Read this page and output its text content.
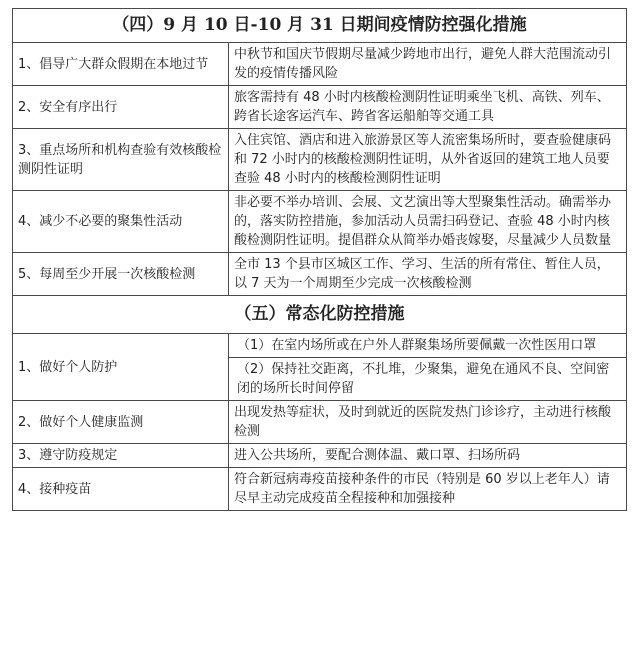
（四）9 月 10 日-10 月 31 日期间疫情防控强化措施	
1、倡导广大群众假期在本地过节	中秋节和国庆节假期尽量减少跨地市出行，避免人群大范围流动引发的疫情传播风险
2、安全有序出行	旅客需持有 48 小时内核酸检测阴性证明乘坐飞机、高铁、列车、跨省长途客运汽车、跨省客运船舶等交通工具
3、重点场所和机构查验有效核酸检测阴性证明	入住宾馆、酒店和进入旅游景区等人流密集场所时，要查验健康码和 72 小时内的核酸检测阴性证明，从外省返回的建筑工地人员要查验 48 小时内的核酸检测阴性证明
4、减少不必要的聚集性活动	非必要不举办培训、会展、文艺演出等大型聚集性活动。确需举办的，落实防控措施，参加活动人员需扫码登记、查验 48 小时内核酸检测阴性证明。提倡群众从简举办婚丧嫁娶，尽量减少人员数量
5、每周至少开展一次核酸检测	全市 13 个县市区城区工作、学习、生活的所有常住、暂住人员，以 7 天为一个周期至少完成一次核酸检测
（五）常态化防控措施	
1、做好个人防护	（1）在室内场所或在户外人群聚集场所要佩戴一次性医用口罩
	（2）保持社交距离，不扎堆，少聚集，避免在通风不良、空间密闭的场所长时间停留
2、做好个人健康监测	出现发热等症状，及时到就近的医院发热门诊诊疗，主动进行核酸检测
3、遵守防疫规定	进入公共场所，要配合测体温、戴口罩、扫场所码
4、接种疫苗	符合新冠病毒疫苗接种条件的市民（特别是 60 岁以上老年人）请尽早主动完成疫苗全程接种和加强接种
